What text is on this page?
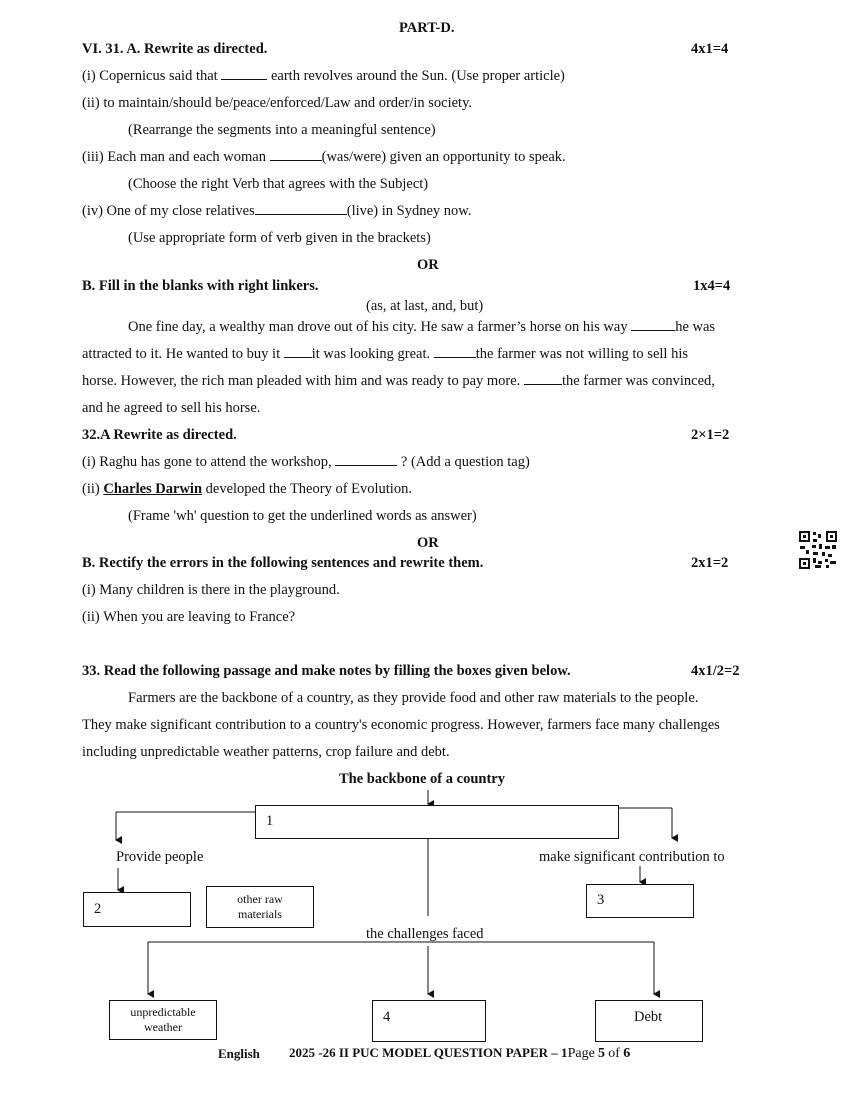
PART-D.
VI. 31. A. Rewrite as directed.	4x1=4
(i) Copernicus said that	earth revolves around the Sun. (Use proper article)
(ii) to maintain/should be/peace/enforced/Law and order/in society.
(Rearrange the segments into a meaningful sentence)
(iii) Each man and each woman	(was/were) given an opportunity to speak.
(Choose the right Verb that agrees with the Subject)
(iv) One of my close relatives	(live) in Sydney now.
(Use appropriate form of verb given in the brackets)
OR
B. Fill in the blanks with right linkers.	1x4=4
(as, at last, and, but)
One fine day, a wealthy man drove out of his city. He saw a farmer’s horse on his way	he was
attracted to it. He wanted to buy it it was looking great.	the farmer was not willing to sell his
horse. However, the rich man pleaded with him and was ready to pay more.	the farmer was convinced,
and he agreed to sell his horse.
32.A Rewrite as directed.	2×1=2
(i) Raghu has gone to attend the workshop,	? (Add a question tag)
(ii) Charles Darwin developed the Theory of Evolution.
(Frame 'wh' question to get the underlined words as answer)
OR
B. Rectify the errors in the following sentences and rewrite them.	2x1=2
(i) Many children is there in the playground.
(ii) When you are leaving to France?
33. Read the following passage and make notes by filling the boxes given below.	4x1/2=2
Farmers are the backbone of a country, as they provide food and other raw materials to the people.
They make significant contribution to a country's economic progress. However, farmers face many challenges
including unpredictable weather patterns, crop failure and debt.
The backbone of a country
1
Provide people	make significant contribution to
2
other raw
materials
3
the challenges faced
unpredictable
weather
4	Debt
English 2025 -26 II PUC MODEL QUESTION PAPER – 1Page 5 of 6
